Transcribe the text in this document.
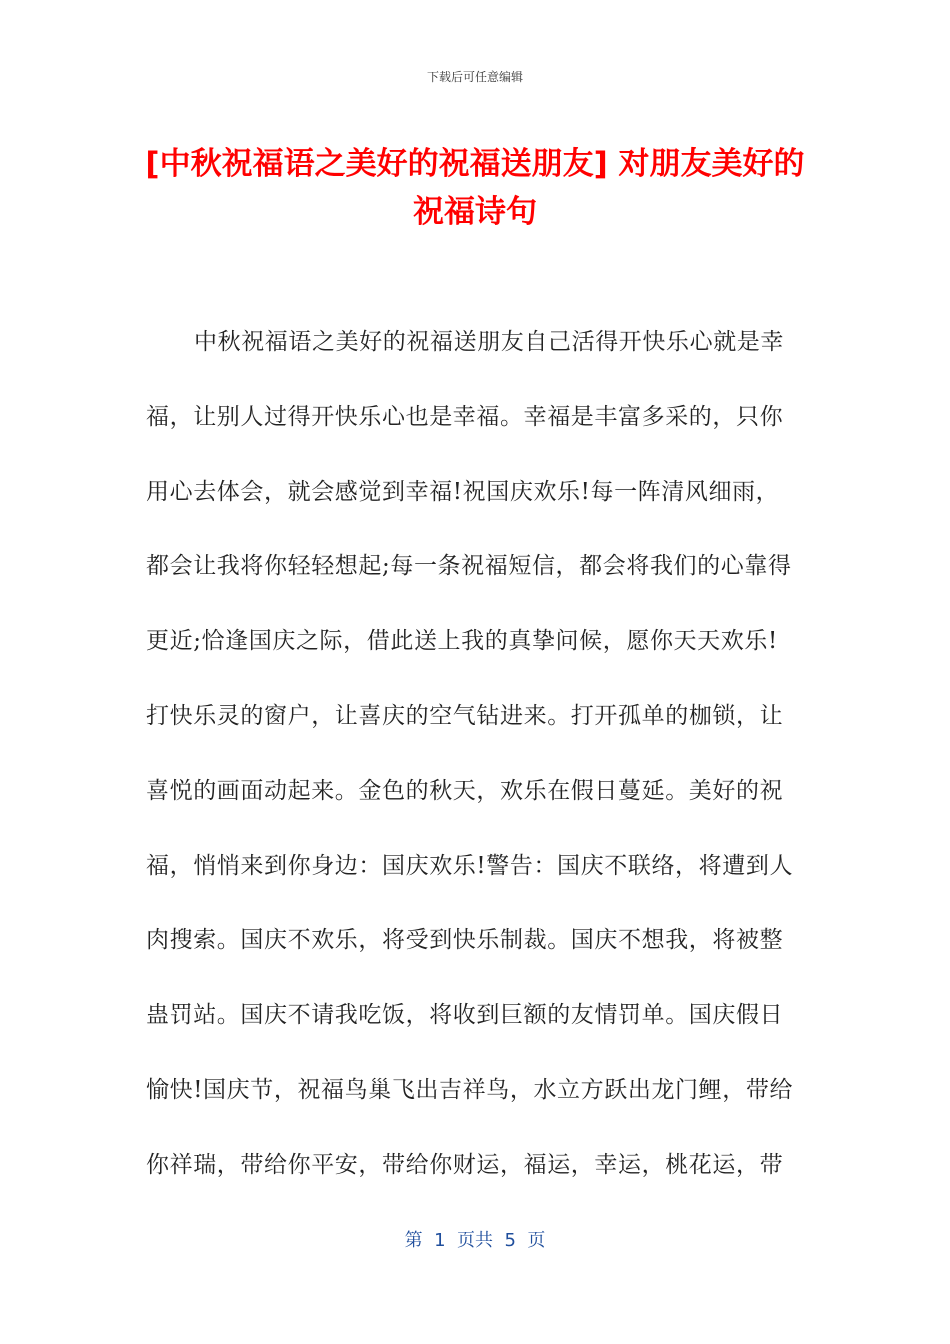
下载后可任意编辑
[中秋祝福语之美好的祝福送朋友] 对朋友美好的祝福诗句
中秋祝福语之美好的祝福送朋友自己活得开快乐心就是幸
福，让别人过得开快乐心也是幸福。幸福是丰富多采的，只你
用心去体会，就会感觉到幸福!祝国庆欢乐!每一阵清风细雨，
都会让我将你轻轻想起;每一条祝福短信，都会将我们的心靠得
更近;恰逢国庆之际，借此送上我的真挚问候，愿你天天欢乐!
打快乐灵的窗户，让喜庆的空气钻进来。打开孤单的枷锁，让
喜悦的画面动起来。金色的秋天，欢乐在假日蔓延。美好的祝
福，悄悄来到你身边：国庆欢乐!警告：国庆不联络，将遭到人
肉搜索。国庆不欢乐，将受到快乐制裁。国庆不想我，将被整
蛊罚站。国庆不请我吃饭，将收到巨额的友情罚单。国庆假日
愉快!国庆节，祝福鸟巢飞出吉祥鸟，水立方跃出龙门鲤，带给
你祥瑞，带给你平安，带给你财运，福运，幸运，桃花运，带
第  1  页共  5  页
